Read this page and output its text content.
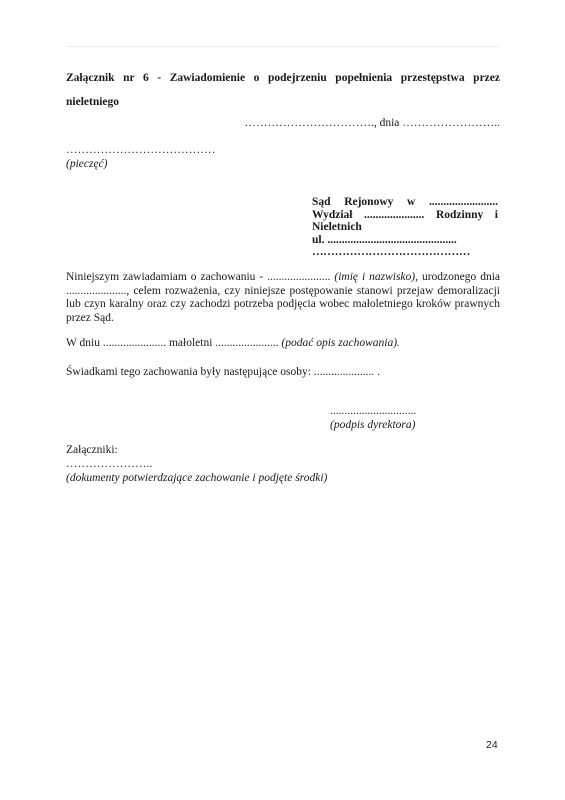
Załącznik nr 6 - Zawiadomienie o podejrzeniu popełnienia przestępstwa przez nieletniego
……………………………., dnia ……………………..
…………………………………
(pieczęć)
Sąd Rejonowy w ........................
Wydział ..................... Rodzinny i
Nieletnich
ul. .............................................
……………………………………
Niniejszym zawiadamiam o zachowaniu - ...................... (imię i nazwisko), urodzonego dnia ....................., celem rozważenia, czy niniejsze postępowanie stanowi przejaw demoralizacji lub czyn karalny oraz czy zachodzi potrzeba podjęcia wobec małoletniego kroków prawnych przez Sąd.
W dniu ...................... małoletni ...................... (podać opis zachowania).
Świadkami tego zachowania były następujące osoby: ..................... .
..............................
(podpis dyrektora)
Załączniki:
…………………..
(dokumenty potwierdzające zachowanie i podjęte środki)
24
